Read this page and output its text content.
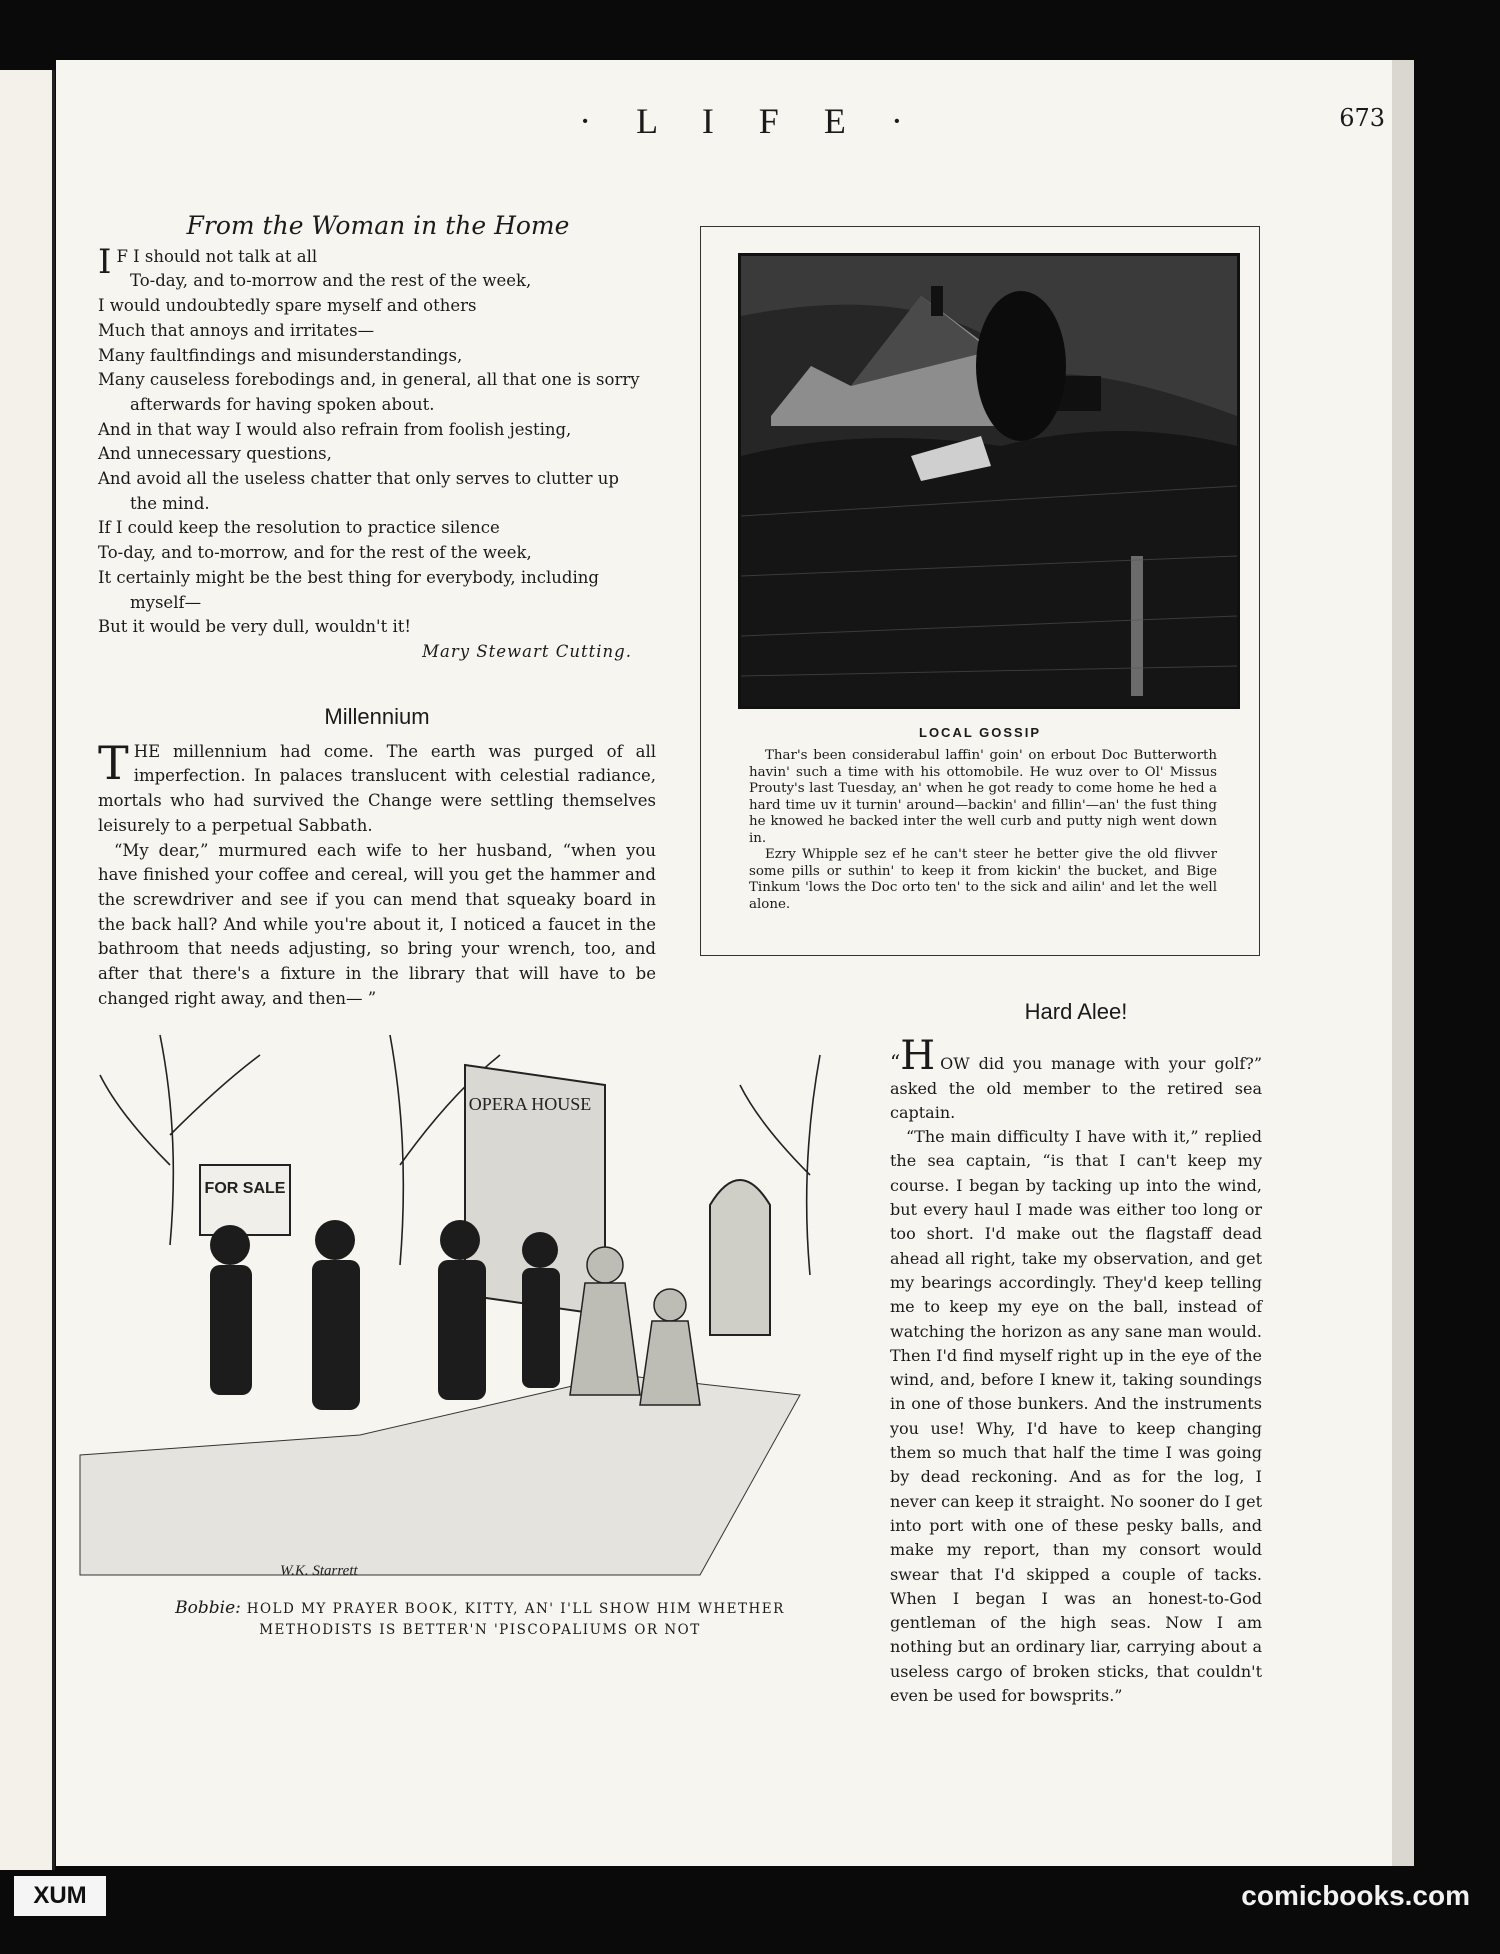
· L I F E ·	673
From the Woman in the Home
I F I should not talk at all
To-day, and to-morrow and the rest of the week,
I would undoubtedly spare myself and others
Much that annoys and irritates—
Many faultfindings and misunderstandings,
Many causeless forebodings and, in general, all that one is sorry
afterwards for having spoken about.
And in that way I would also refrain from foolish jesting,
And unnecessary questions,
And avoid all the useless chatter that only serves to clutter up
the mind.
If I could keep the resolution to practice silence
To-day, and to-morrow, and for the rest of the week,
It certainly might be the best thing for everybody, including
myself—
But it would be very dull, wouldn't it!
Mary Stewart Cutting.
Millennium

THE millennium had come. The earth was purged of all imperfection. In palaces translucent with celestial radiance, mortals who had survived the Change were settling themselves leisurely to a perpetual Sabbath.

“My dear,” murmured each wife to her husband, “when you have finished your coffee and cereal, will you get the hammer and the screwdriver and see if you can mend that squeaky board in the back hall? And while you're about it, I noticed a faucet in the bathroom that needs adjusting, so bring your wrench, too, and after that there's a fixture in the library that will have to be changed right away, and then— ”

LOCAL GOSSIP

Thar's been considerabul laffin' goin' on erbout Doc Butterworth havin' such a time with his ottomobile. He wuz over to Ol' Missus Prouty's last Tuesday, an' when he got ready to come home he hed a hard time uv it turnin' around—backin' and fillin'—an' the fust thing he knowed he backed inter the well curb and putty nigh went down in.

Ezry Whipple sez ef he can't steer he better give the old flivver some pills or suthin' to keep it from kickin' the bucket, and Bige Tinkum 'lows the Doc orto ten' to the sick and ailin' and let the well alone.

Hard Alee!

“H OW did you manage with your golf?” asked the old member to the retired sea captain.

“The main difficulty I have with it,” replied the sea captain, “is that I can't keep my course. I began by tacking up into the wind, but every haul I made was either too long or too short. I'd make out the flagstaff dead ahead all right, take my observation, and get my bearings accordingly. They'd keep telling me to keep my eye on the ball, instead of watching the horizon as any sane man would. Then I'd find myself right up in the eye of the wind, and, before I knew it, taking soundings in one of those bunkers. And the instruments you use! Why, I'd have to keep changing them so much that half the time I was going by dead reckoning. And as for the log, I never can keep it straight. No sooner do I get into port with one of these pesky balls, and make my report, than my consort would swear that I'd skipped a couple of tacks. When I began I was an honest-to-God gentleman of the high seas. Now I am nothing but an ordinary liar, carrying about a useless cargo of broken sticks, that couldn't even be used for bowsprits.”

FOR SALE
OPERA HOUSE
W.K. Starrett
Bobbie: HOLD MY PRAYER BOOK, KITTY, AN' I'LL SHOW HIM WHETHER
METHODISTS IS BETTER'N 'PISCOPALIUMS OR NOT
XUM	comicbooks.com
